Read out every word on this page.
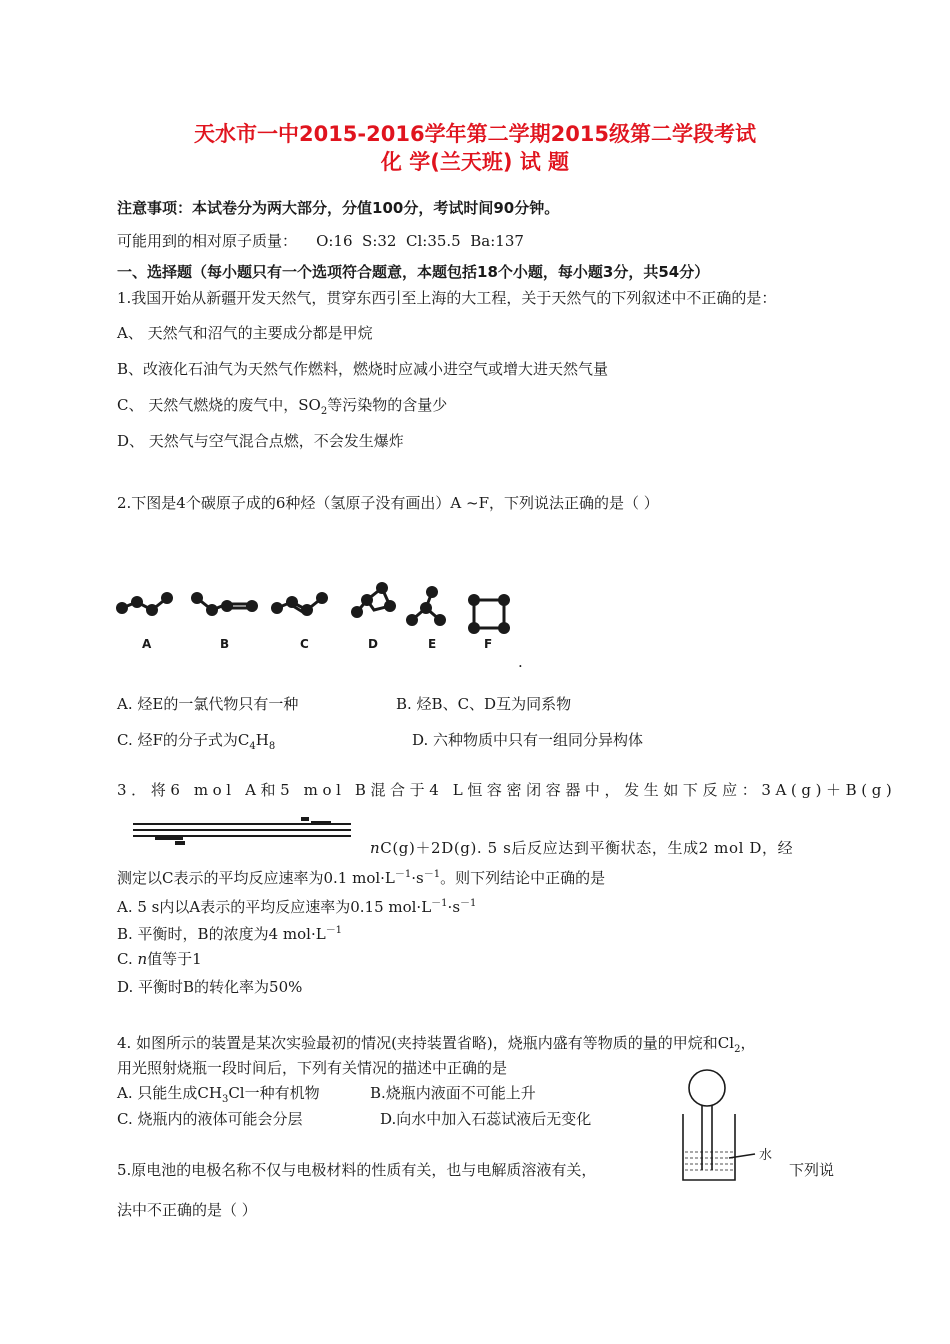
天水市一中2015-2016学年第二学期2015级第二学段考试
化 学(兰天班) 试 题
注意事项：本试卷分为两大部分，分值100分，考试时间90分钟。
可能用到的相对原子质量：    O:16  S:32  Cl:35.5  Ba:137
一、选择题（每小题只有一个选项符合题意，本题包括18个小题，每小题3分，共54分）
1.我国开始从新疆开发天然气，贯穿东西引至上海的大工程，关于天然气的下列叙述中不正确的是：
A、 天然气和沼气的主要成分都是甲烷
B、改液化石油气为天然气作燃料，燃烧时应减小进空气或增大进天然气量
C、 天然气燃烧的废气中，$SO_2$等污染物的含量少
D、 天然气与空气混合点燃，不会发生爆炸
2.下图是4个碳原子成的6种烃（氢原子没有画出）A ~F，下列说法正确的是（ ）
A	B	C	D	E	F
.
A. 烃E的一氯代物只有一种	B. 烃B、C、D互为同系物
C. 烃F的分子式为$C_4H_8$	D. 六种物质中只有一组同分异构体
3．将6 mol A和5 mol B混合于4 L恒容密闭容器中，发生如下反应：3A(g)＋B(g)
nC(g)＋2D(g). 5 s后反应达到平衡状态，生成2 mol D，经
测定以C表示的平均反应速率为0.1 $mol\cdot L^{-1}\cdot s^{-1}$。则下列结论中正确的是
A. 5 s内以A表示的平均反应速率为0.15 $mol\cdot L^{-1}\cdot s^{-1}$
B. 平衡时，B的浓度为4 $mol\cdot L^{-1}$
C. n值等于1
D. 平衡时B的转化率为50%
4. 如图所示的装置是某次实验最初的情况(夹持装置省略)，烧瓶内盛有等物质的量的甲烷和$Cl_2$，
用光照射烧瓶一段时间后，下列有关情况的描述中正确的是
A. 只能生成$CH_3Cl$一种有机物	B.烧瓶内液面不可能上升
C. 烧瓶内的液体可能会分层	D.向水中加入石蕊试液后无变化
水
5.原电池的电极名称不仅与电极材料的性质有关，也与电解质溶液有关，	下列说
法中不正确的是（ ）
